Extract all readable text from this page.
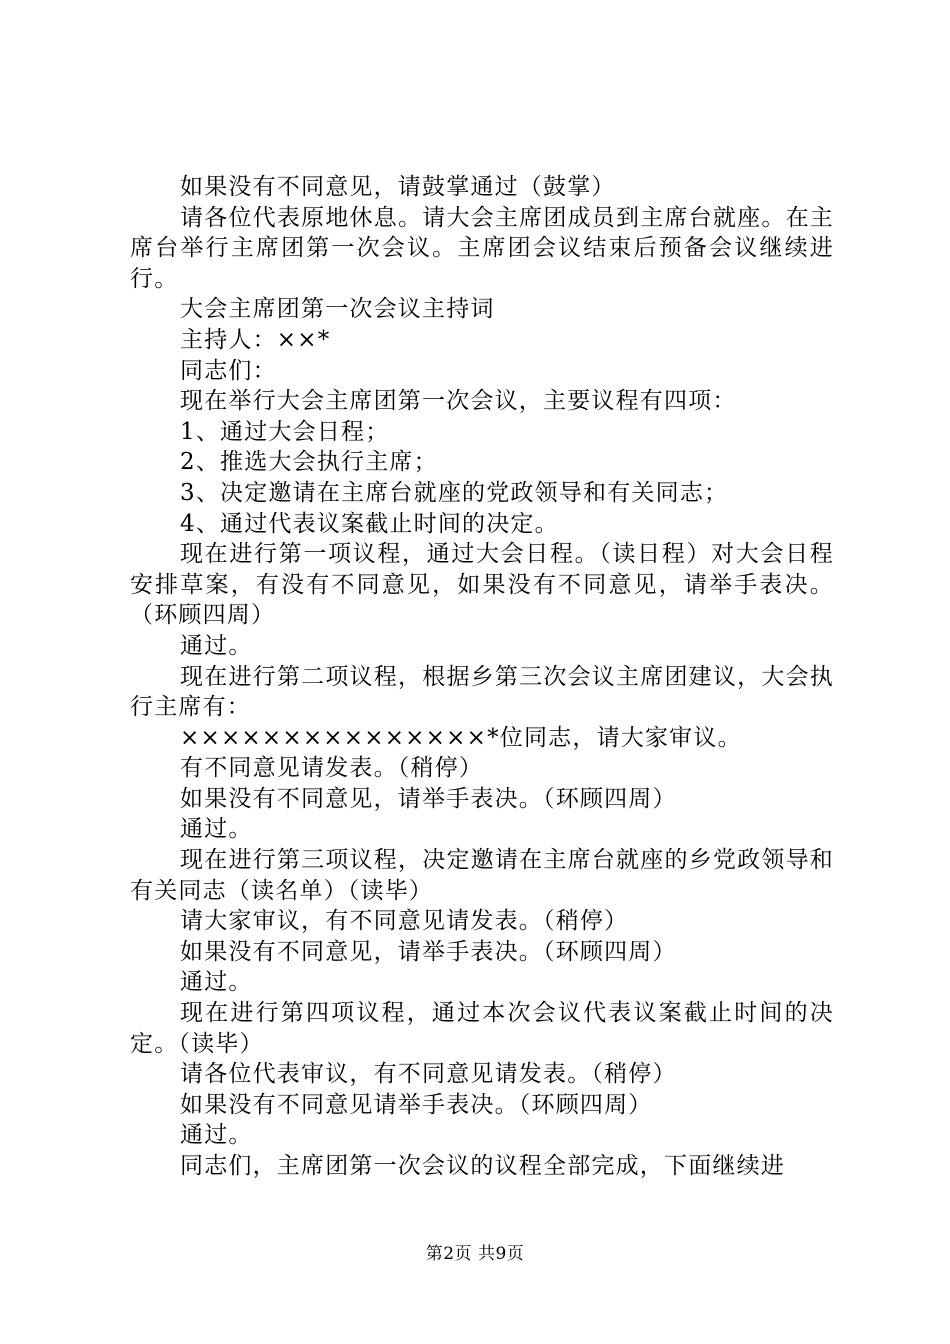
如果没有不同意见，请鼓掌通过（鼓掌）

请各位代表原地休息。请大会主席团成员到主席台就座。在主席台举行主席团第一次会议。主席团会议结束后预备会议继续进行。

大会主席团第一次会议主持词

主持人：××*

同志们：

现在举行大会主席团第一次会议，主要议程有四项：

1、通过大会日程；

2、推选大会执行主席；

3、决定邀请在主席台就座的党政领导和有关同志；

4、通过代表议案截止时间的决定。

现在进行第一项议程，通过大会日程。（读日程）对大会日程安排草案，有没有不同意见，如果没有不同意见，请举手表决。（环顾四周）

通过。

现在进行第二项议程，根据乡第三次会议主席团建议，大会执行主席有：

×××××××××××××××*位同志，请大家审议。

有不同意见请发表。（稍停）

如果没有不同意见，请举手表决。（环顾四周）

通过。

现在进行第三项议程，决定邀请在主席台就座的乡党政领导和有关同志（读名单）（读毕）

请大家审议，有不同意见请发表。（稍停）

如果没有不同意见，请举手表决。（环顾四周）

通过。

现在进行第四项议程，通过本次会议代表议案截止时间的决定。（读毕）

请各位代表审议，有不同意见请发表。（稍停）

如果没有不同意见请举手表决。（环顾四周）

通过。

同志们，主席团第一次会议的议程全部完成，下面继续进

第2页 共9页
